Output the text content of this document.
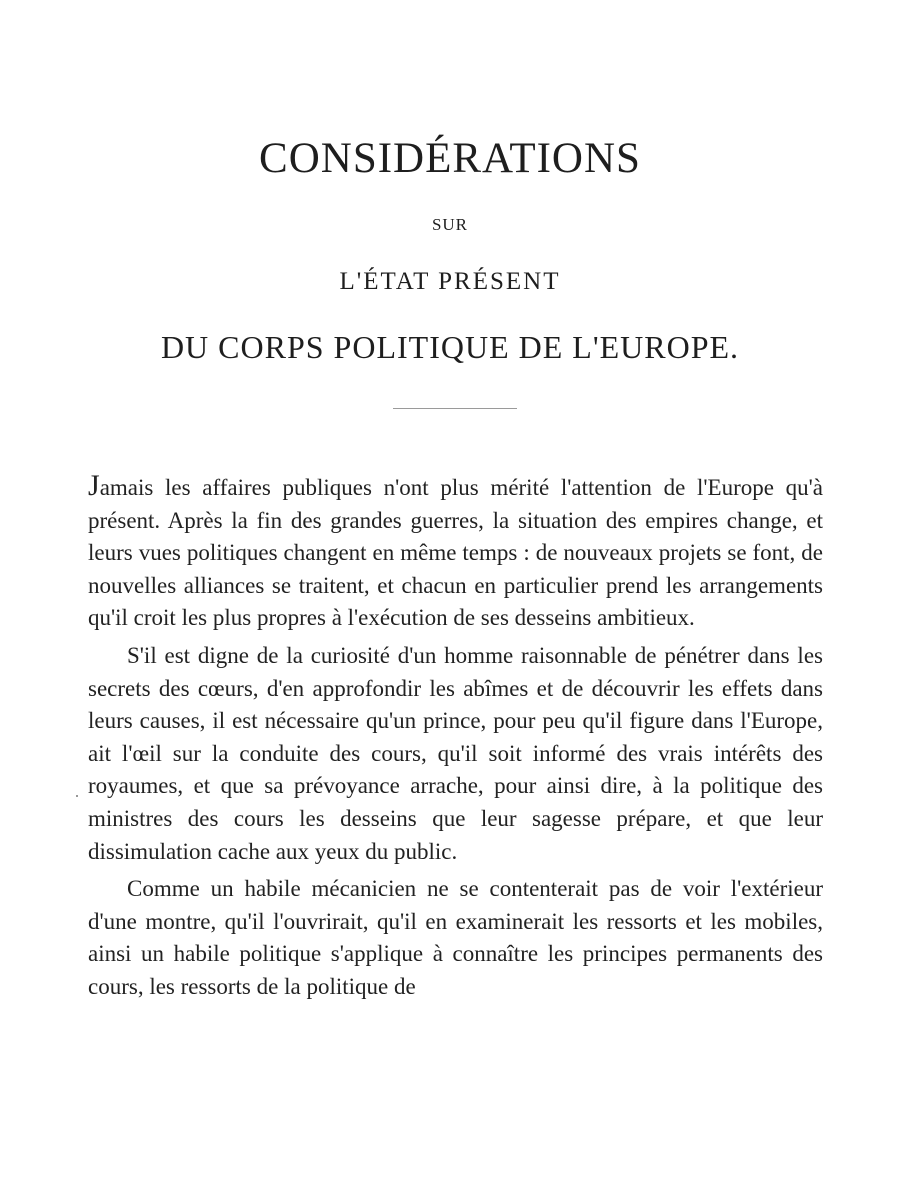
CONSIDÉRATIONS
SUR
L'ÉTAT PRÉSENT
DU CORPS POLITIQUE DE L'EUROPE.

Jamais les affaires publiques n'ont plus mérité l'attention de l'Europe qu'à présent. Après la fin des grandes guerres, la situation des empires change, et leurs vues politiques changent en même temps : de nouveaux projets se font, de nouvelles alliances se traitent, et chacun en particulier prend les arrangements qu'il croit les plus propres à l'exécution de ses desseins ambitieux.

S'il est digne de la curiosité d'un homme raisonnable de pénétrer dans les secrets des cœurs, d'en approfondir les abîmes et de découvrir les effets dans leurs causes, il est nécessaire qu'un prince, pour peu qu'il figure dans l'Europe, ait l'œil sur la conduite des cours, qu'il soit informé des vrais intérêts des royaumes, et que sa prévoyance arrache, pour ainsi dire, à la politique des ministres des cours les desseins que leur sagesse prépare, et que leur dissimulation cache aux yeux du public.

Comme un habile mécanicien ne se contenterait pas de voir l'extérieur d'une montre, qu'il l'ouvrirait, qu'il en examinerait les ressorts et les mobiles, ainsi un habile politique s'applique à connaître les principes permanents des cours, les ressorts de la politique de
